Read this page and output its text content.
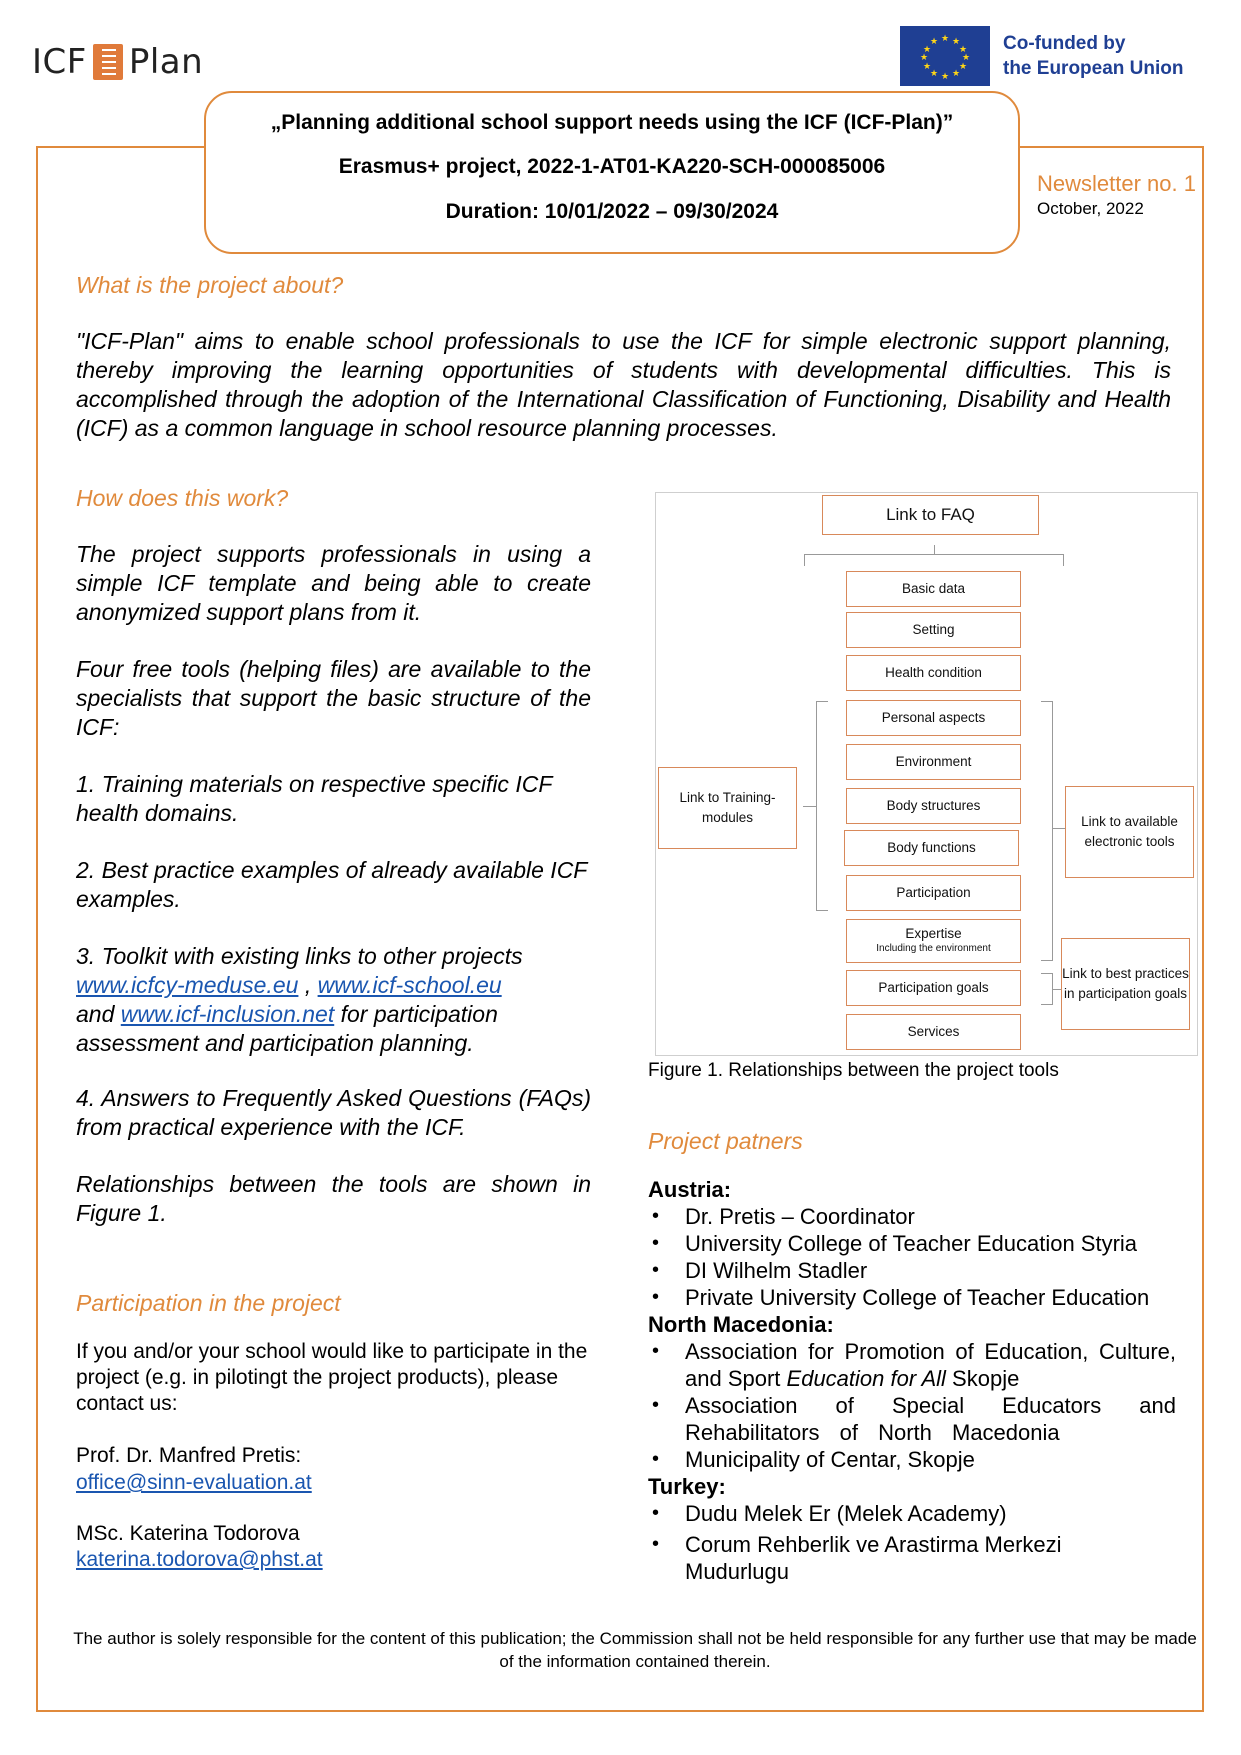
ICF Plan
★ ★
★
★
★
★
★
★
★
★
★
★	Co-funded by
the European Union
„Planning additional school support needs using the ICF (ICF-Plan)”
Erasmus+ project, 2022-1-AT01-KA220-SCH-000085006
Duration: 10/01/2022 – 09/30/2024
Newsletter no. 1
October, 2022
What is the project about?
"ICF-Plan" aims to enable school professionals to use the ICF for simple electronic support planning, thereby improving the learning opportunities of students with developmental difficulties. This is accomplished through the adoption of the International Classification of Functioning, Disability and Health (ICF) as a common language in school resource planning processes.
How does this work?
The project supports professionals in using a simple ICF template and being able to create anonymized support plans from it.
Four free tools (helping files) are available to the specialists that support the basic structure of the ICF:
1. Training materials on respective specific ICF health domains.
2. Best practice examples of already available ICF examples.
3. Toolkit with existing links to other projects
www.icfcy-meduse.eu , www.icf-school.eu
and www.icf-inclusion.net for participation assessment and participation planning.
4. Answers to Frequently Asked Questions (FAQs) from practical experience with the ICF.
Relationships between the tools are shown in Figure 1.
Participation in the project
If you and/or your school would like to participate in the project (e.g. in pilotingt the project products), please contact us:
Prof. Dr. Manfred Pretis:
office@sinn-evaluation.at
MSc. Katerina Todorova
katerina.todorova@phst.at
Link to FAQ
Basic data
Setting
Health condition
Personal aspects
Environment
Body structures
Body functions
Participation
Expertise
Including the environment
Participation goals
Services
Link to Training-modules	Link to available electronic tools
Link to best practices in participation goals
Figure 1. Relationships between the project tools
Project patners
Austria:
• Dr. Pretis – Coordinator
• University College of Teacher Education Styria
• DI Wilhelm Stadler
• Private University College of Teacher Education
North Macedonia:
• Association for Promotion of Education, Culture, and Sport Education for All Skopje
• Association of Special Educators and Rehabilitators of North Macedonia
• Municipality of Centar, Skopje
Turkey:
• Dudu Melek Er (Melek Academy)
• Corum Rehberlik ve Arastirma Merkezi Mudurlugu
The author is solely responsible for the content of this publication; the Commission shall not be held responsible for any further use that may be made of the information contained therein.
